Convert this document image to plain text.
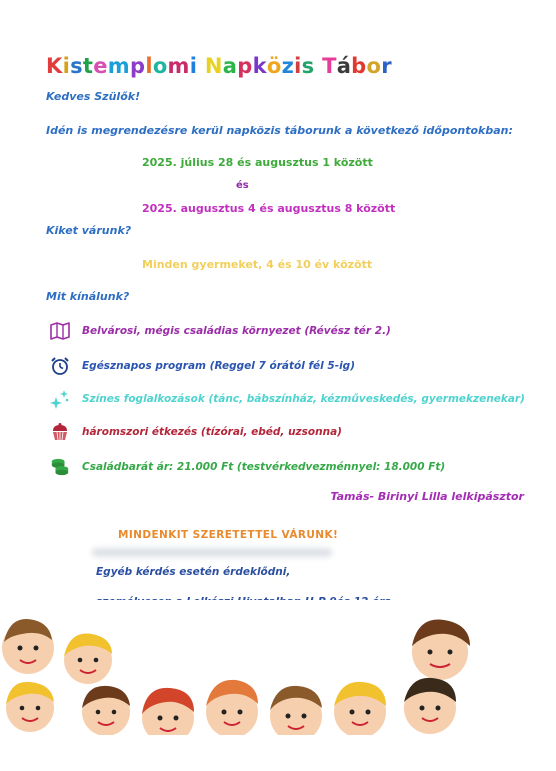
Kistemplomi Napközis Tábor
Kedves Szülők!
Idén is megrendezésre kerül napközis táborunk a következő időpontokban:
2025. július 28 és augusztus 1 között
és
2025. augusztus 4 és augusztus 8 között
Kiket várunk?
Minden gyermeket, 4 és 10 év között
Mit kínálunk?
Belvárosi, mégis családias környezet (Révész tér 2.)
Egésznapos program (Reggel 7 órától fél 5-ig)
Színes foglalkozások (tánc, bábszínház, kézműveskedés, gyermekzenekar)
háromszori étkezés (tízórai, ebéd, uzsonna)
Családbarát ár: 21.000 Ft (testvérkedvezménnyel: 18.000 Ft)
Tamás- Birinyi Lilla lelkipásztor
MINDENKIT SZERETETTEL VÁRUNK!
Egyéb kérdés esetén érdeklődni,
